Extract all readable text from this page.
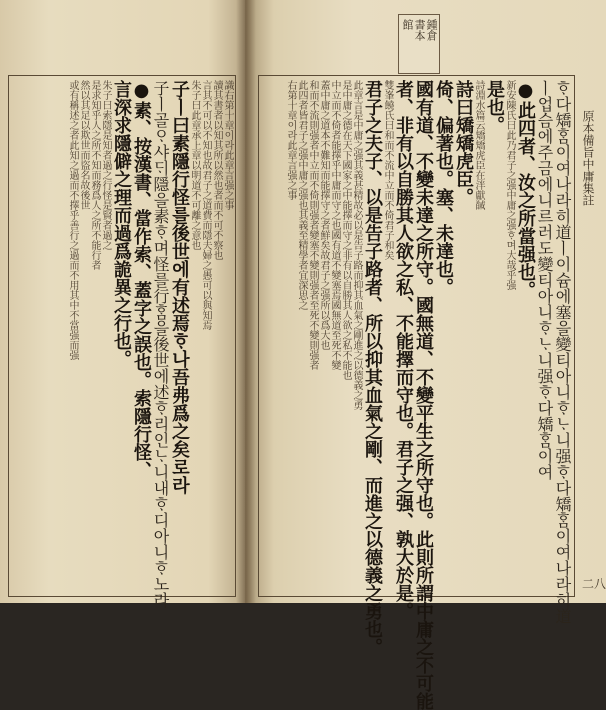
鍾倉
書本
館
原本備旨中庸集註
二八
ᄒᆞ다矯ᄒᆞᆷ이여나라히道ㅣ이슘에塞을變티아니ᄒᆞᄂᆞ니强ᄒᆞ다矯ᄒᆞᆷ이여나라히道
ㅣ업슴에주금에니르러도變티아니ᄒᆞᄂᆞ니强ᄒᆞ다矯ᄒᆞᆷ이여
●此四者、汝之所當强也。
新安陳氏曰此乃君子之强中庸之强ᄒᆞ며大哉乎强
是也。
詩淵水篇云矯矯虎臣在泮獻馘
詩曰矯矯虎臣。
倚、偏著也。塞、未達也。
國有道、不變未達之所守。國無道、不變平生之所守也。此則所謂中庸之不可能
者、非有以自勝其人欲之私、不能擇而守也。君子之强、孰大於是。
雙峯饒氏曰和而不流中立而不倚君子和矣
君子之夫子、以是告子路者、所以抑其血氣之剛、而進之以德義之勇也。
此章言是中庸之强其義甚精故必以是告子路而抑其血氣之剛進之以德義之勇
是中庸之德在天下國家之中能擇而守之非有以自勝其人欲之私不能也
中立而不倚者能擇乎中庸而守之也國有道不變塞焉國無道至死不變
蓋中庸之道本不難知而能擇守之者鮮矣故君子之强所以爲大也
和而不流則强者中立而不倚則强者變塞不變則强者至死不變則强者
此四者皆君子之强中庸之强也其義至精學者宜深思之
右第十章이라此章言强之事
識右第十章이라此章言强之事
讀其書者以知其所以然也者而不可不察也
言其不可以不知也故君子之道費而隱夫婦之愚可以與知焉
朱子曰此章承上章以明道不可離之意也
子ㅣ曰素隱行怪를後世에有述焉ᄒᆞ나吾弗爲之矣로라
子ㅣ골ᄋᆞ샤ᄃᆡ隱을素ᄒᆞ며怪를行ᄒᆞᆷ을後世에述ᄒᆞ리인ᄂᆞ니내ᄒᆞ디아니ᄒᆞ노라
●素、按漢書、當作索、蓋字之誤也。索隱行怪、
言深求隱僻之理而過爲詭異之行也。
朱子曰索隱是知者過之行怪是賢者過之
是求知乎人之所不知而務爲人之所不能行者
然以其足以欺世而盜名故後世
或有稱述之者此知之過而不擇乎善行之過而不用其中不當强而强
